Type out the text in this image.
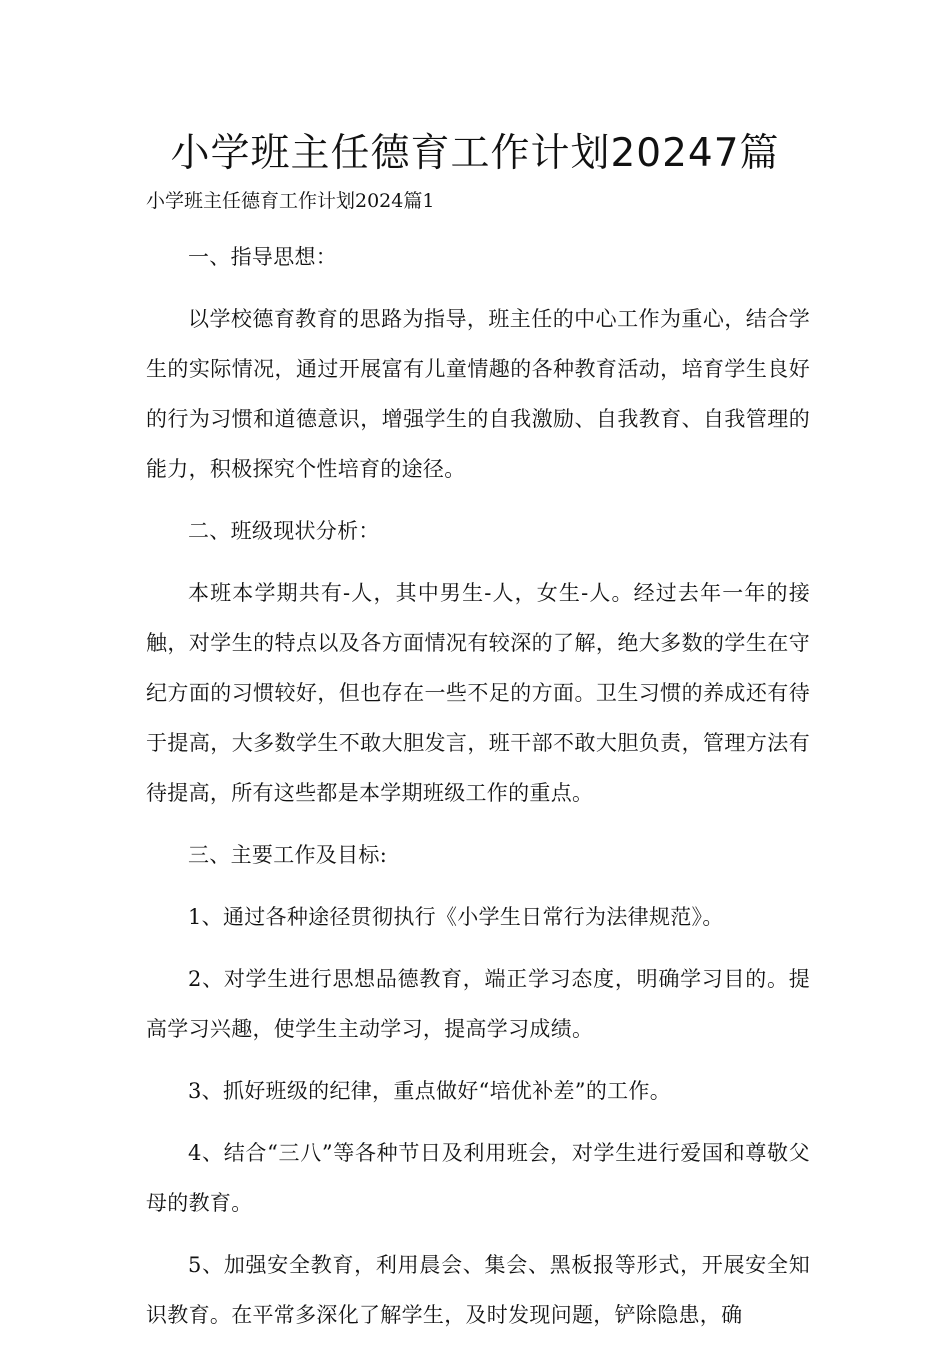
小学班主任德育工作计划20247篇

小学班主任德育工作计划2024篇1

一、指导思想：

以学校德育教育的思路为指导，班主任的中心工作为重心，结合学生的实际情况，通过开展富有儿童情趣的各种教育活动，培育学生良好的行为习惯和道德意识，增强学生的自我激励、自我教育、自我管理的能力，积极探究个性培育的途径。

二、班级现状分析：

本班本学期共有-人，其中男生-人，女生-人。经过去年一年的接触，对学生的特点以及各方面情况有较深的了解，绝大多数的学生在守纪方面的习惯较好，但也存在一些不足的方面。卫生习惯的养成还有待于提高，大多数学生不敢大胆发言，班干部不敢大胆负责，管理方法有待提高，所有这些都是本学期班级工作的重点。

三、主要工作及目标:

1、通过各种途径贯彻执行《小学生日常行为法律规范》。

2、对学生进行思想品德教育，端正学习态度，明确学习目的。提高学习兴趣，使学生主动学习，提高学习成绩。

3、抓好班级的纪律，重点做好“培优补差”的工作。

4、结合“三八”等各种节日及利用班会，对学生进行爱国和尊敬父母的教育。

5、加强安全教育，利用晨会、集会、黑板报等形式，开展安全知识教育。在平常多深化了解学生，及时发现问题，铲除隐患，确
